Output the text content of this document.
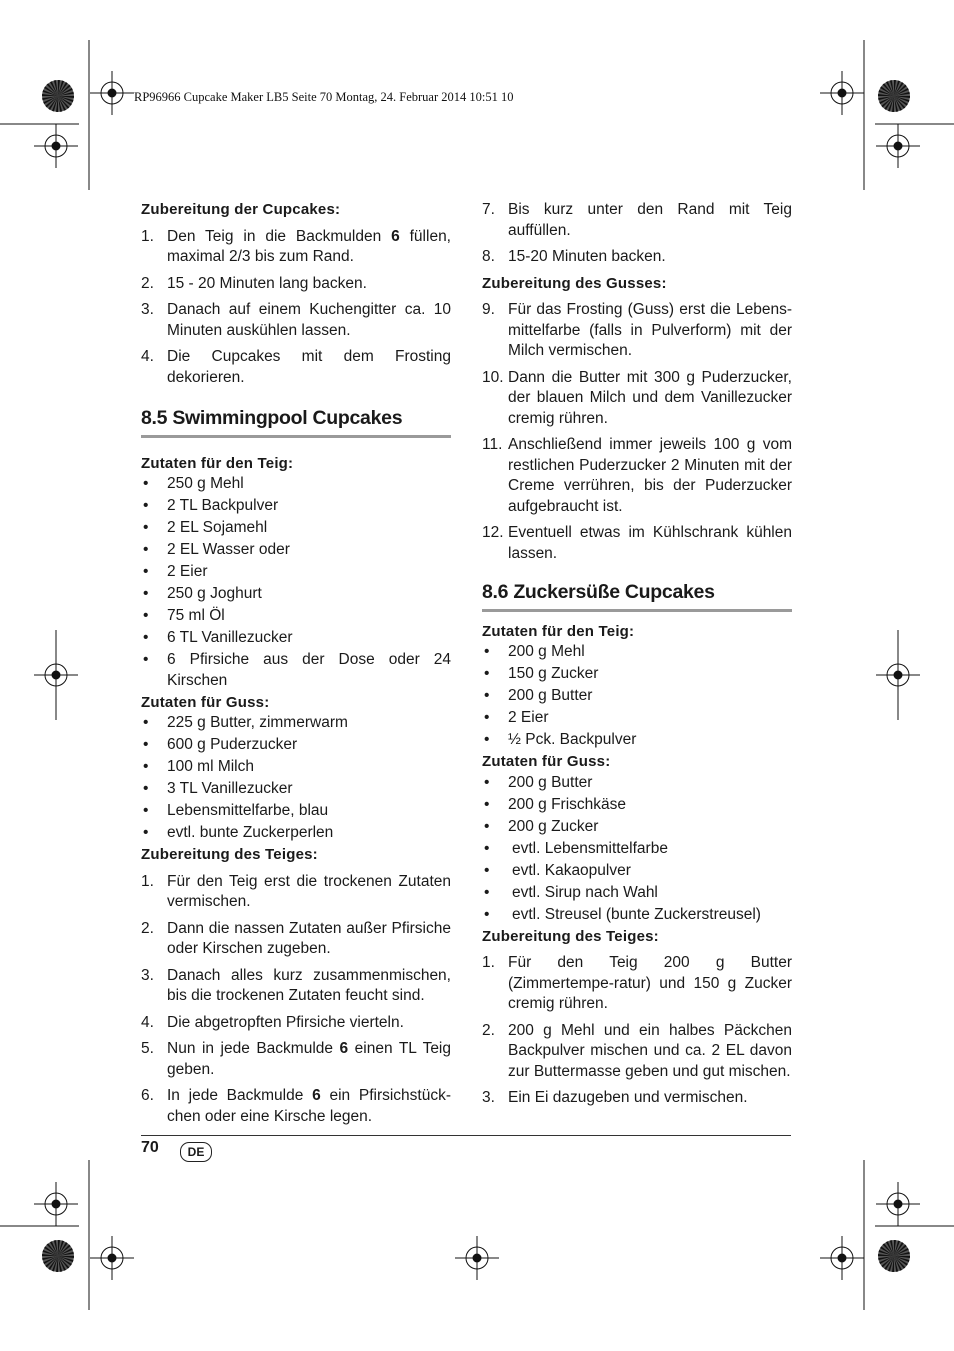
RP96966 Cupcake Maker LB5 Seite 70 Montag, 24. Februar 2014 10:51 10

Zubereitung der Cupcakes:

1. Den Teig in die Backmulden 6 füllen, maximal 2/3 bis zum Rand.
2. 15 - 20 Minuten lang backen.
3. Danach auf einem Kuchengitter ca. 10 Minuten auskühlen lassen.
4. Die Cupcakes mit dem Frosting dekorieren.
8.5 Swimmingpool Cupcakes

Zutaten für den Teig:

• 250 g Mehl
• 2 TL Backpulver
• 2 EL Sojamehl
• 2 EL Wasser oder
• 2 Eier
• 250 g Joghurt
• 75 ml Öl
• 6 TL Vanillezucker
• 6 Pfirsiche aus der Dose oder 24 Kirschen

Zutaten für Guss:

• 225 g Butter, zimmerwarm
• 600 g Puderzucker
• 100 ml Milch
• 3 TL Vanillezucker
• Lebensmittelfarbe, blau
• evtl. bunte Zuckerperlen

Zubereitung des Teiges:

1. Für den Teig erst die trockenen Zutaten vermischen.
2. Dann die nassen Zutaten außer Pfirsiche oder Kirschen zugeben.
3. Danach alles kurz zusammenmischen, bis die trockenen Zutaten feucht sind.
4. Die abgetropften Pfirsiche vierteln.
5. Nun in jede Backmulde 6 einen TL Teig geben.
6. In jede Backmulde 6 ein Pfirsichstück-chen oder eine Kirsche legen.
7. Bis kurz unter den Rand mit Teig auffüllen.
8. 15-20 Minuten backen.

Zubereitung des Gusses:

9. Für das Frosting (Guss) erst die Lebens-mittelfarbe (falls in Pulverform) mit der Milch vermischen.
10. Dann die Butter mit 300 g Puderzucker, der blauen Milch und dem Vanillezucker cremig rühren.
11. Anschließend immer jeweils 100 g vom restlichen Puderzucker 2 Minuten mit der Creme verrühren, bis der Puderzucker aufgebraucht ist.
12. Eventuell etwas im Kühlschrank kühlen lassen.
8.6 Zuckersüße Cupcakes

Zutaten für den Teig:

• 200 g Mehl
• 150 g Zucker
• 200 g Butter
• 2 Eier
• ½ Pck. Backpulver

Zutaten für Guss:

• 200 g Butter
• 200 g Frischkäse
• 200 g Zucker
• evtl. Lebensmittelfarbe
• evtl. Kakaopulver
• evtl. Sirup nach Wahl
• evtl. Streusel (bunte Zuckerstreusel)

Zubereitung des Teiges:

1. Für den Teig 200 g Butter (Zimmertempe-ratur) und 150 g Zucker cremig rühren.
2. 200 g Mehl und ein halbes Päckchen Backpulver mischen und ca. 2 EL davon zur Buttermasse geben und gut mischen.
3. Ein Ei dazugeben und vermischen.
70	DE
